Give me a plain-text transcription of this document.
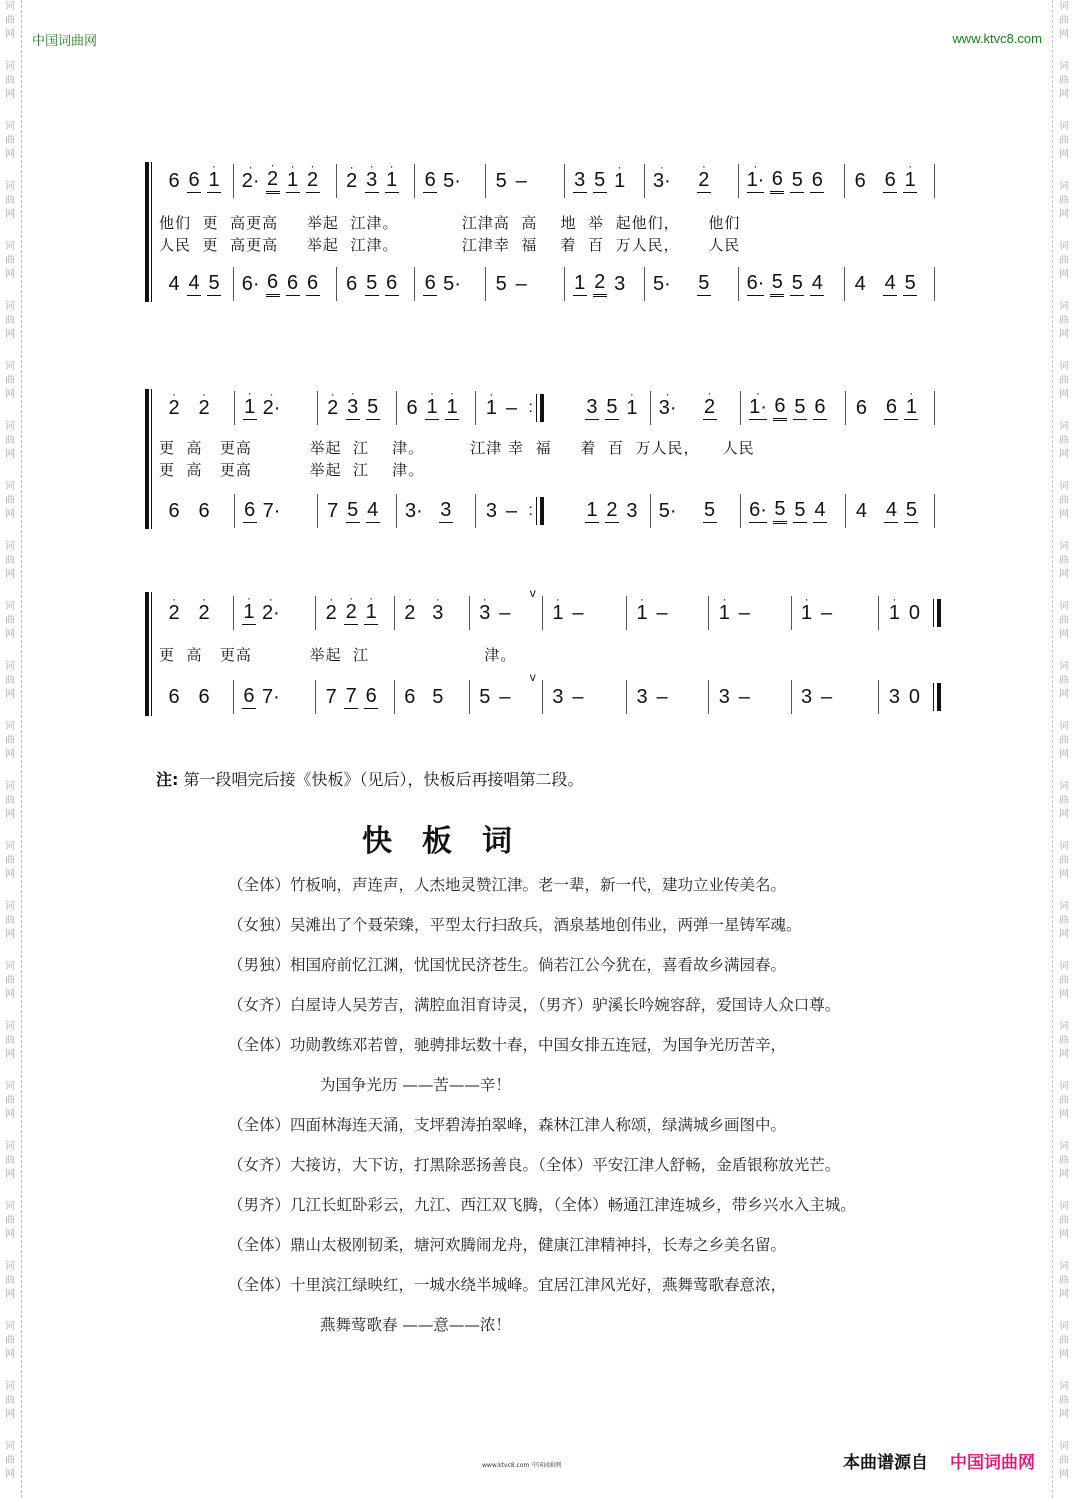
词
曲
网
词
曲
网
词
曲
网
词
曲
网
词
曲
网
词
曲
网
词
曲
网
词
曲
网
词
曲
网
词
曲
网
词
曲
网
词
曲
网
词
曲
网
词
曲
网
词
曲
网
词
曲
网
词
曲
网
词
曲
网
词
曲
网
词
曲
网
词
曲
网
词
曲
网
词
曲
网
词
曲
网
词
曲
网
词
曲
网
词
曲
网
词
曲
网
词
曲
网
词
曲
网
词
曲
网
词
曲
网
词
曲
网
词
曲
网
词
曲
网
词
曲
网
词
曲
网
词
曲
网
词
曲
网
词
曲
网
词
曲
网
词
曲
网
词
曲
网
词
曲
网
词
曲
网
词
曲
网
词
曲
网
词
曲
网
词
曲
网
词
曲
网
中国词曲网	www.ktvc8.com
6 6
·
1
·
2·
·
2
·
1
·
2
·
2
·
3
·
1 6 5· 5 – 3 5
·
1
·
3·
·
2
·
1· 6 5 6 6 6
·
1
他们  更  高更高     举起  江津。           江津高  高    地  举  起他们，     他们
人民  更  高更高     举起  江津。           江津幸  福    着  百  万人民，     人民
4 4 5 6· 6 6 6 6 5 6 6 5· 5 – 1 2 3 5· 5 6· 5 5 4 4 4 5
·
2
·
2
·
1
·
2·
·
2
·
3 5 6
·
1
·
1
·
1 – :	3 5
·
1
·
3·
·
2
·
1· 6 5 6 6 6
·
1
更  高   更高          举起  江    津。        江津 幸  福     着  百  万人民，    人民
更  高   更高          举起  江    津。
6 6 6 7· 7 5 4 3· 3 3 – :	1 2 3 5· 5 6· 5 5 4 4 4 5
·
2
·
2
·
1
·
2·
·
2
·
2
·
1
·
2
·
3
·
3 –
v	·
1 –
·
1 –
·
1 –
·
1 –
·
1 0
更  高   更高          举起  江                    津。
6 6 6 7· 7 7 6 6 5 5 –
v
3 –	3 –	3 –	3 –	3 0
注: 第一段唱完后接《快板》（见后），快板后再接唱第二段。
快板词
（全体）竹板响，声连声，人杰地灵赞江津。老一辈，新一代，建功立业传美名。
（女独）吴滩出了个聂荣臻，平型太行扫敌兵，酒泉基地创伟业，两弹一星铸军魂。
（男独）相国府前忆江渊，忧国忧民济苍生。倘若江公今犹在，喜看故乡满园春。
（女齐）白屋诗人吴芳吉，满腔血泪育诗灵，（男齐）驴溪长吟婉容辞，爱国诗人众口尊。
（全体）功勋教练邓若曾，驰骋排坛数十春，中国女排五连冠，为国争光历苦辛，
为国争光历 ——苦——辛！
（全体）四面林海连天涌，支坪碧涛拍翠峰，森林江津人称颂，绿满城乡画图中。
（女齐）大接访，大下访，打黑除恶扬善良。（全体）平安江津人舒畅，金盾银称放光芒。
（男齐）几江长虹卧彩云，九江、西江双飞腾，（全体）畅通江津连城乡，带乡兴水入主城。
（全体）鼎山太极刚韧柔，塘河欢腾闹龙舟，健康江津精神抖，长寿之乡美名留。
（全体）十里滨江绿映红，一城水绕半城峰。宜居江津风光好，燕舞莺歌春意浓，
燕舞莺歌春 ——意——浓！
www.ktvc8.com 中国词曲网	本曲谱源自 中国词曲网
